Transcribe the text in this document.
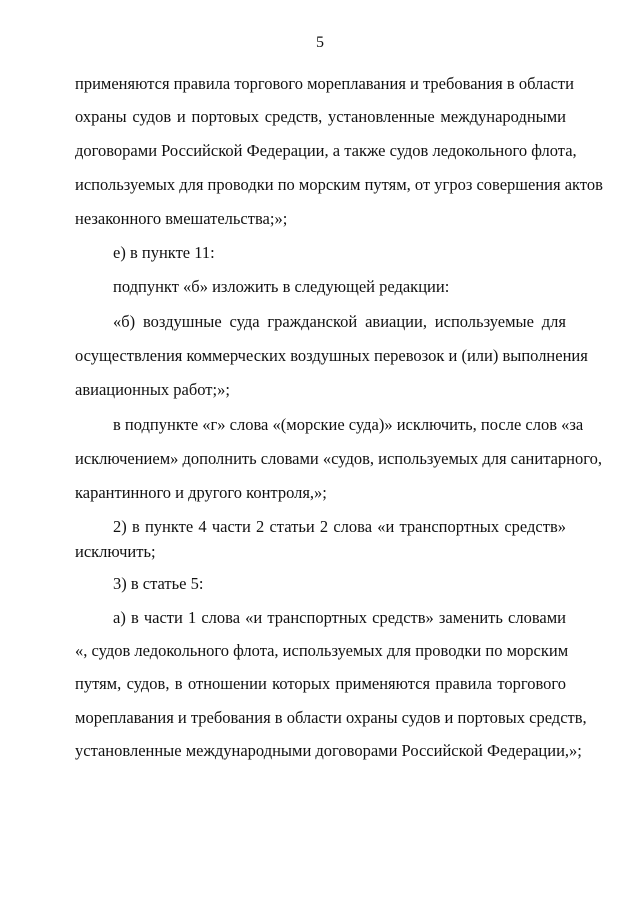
5
применяются правила торгового мореплавания и требования в области
охраны судов и портовых средств, установленные международными
договорами Российской Федерации, а также судов ледокольного флота,
используемых для проводки по морским путям, от угроз совершения актов
незаконного вмешательства;»;
е) в пункте 11:
подпункт «б» изложить в следующей редакции:
«б) воздушные суда гражданской авиации, используемые для
осуществления коммерческих воздушных перевозок и (или) выполнения
авиационных работ;»;
в подпункте «г» слова «(морские суда)» исключить, после слов «за
исключением» дополнить словами «судов, используемых для санитарного,
карантинного и другого контроля,»;
2) в пункте 4 части 2 статьи 2 слова «и транспортных средств»
исключить;
3) в статье 5:
а) в части 1 слова «и транспортных средств» заменить словами
«, судов ледокольного флота, используемых для проводки по морским
путям, судов, в отношении которых применяются правила торгового
мореплавания и требования в области охраны судов и портовых средств,
установленные международными договорами Российской Федерации,»;
